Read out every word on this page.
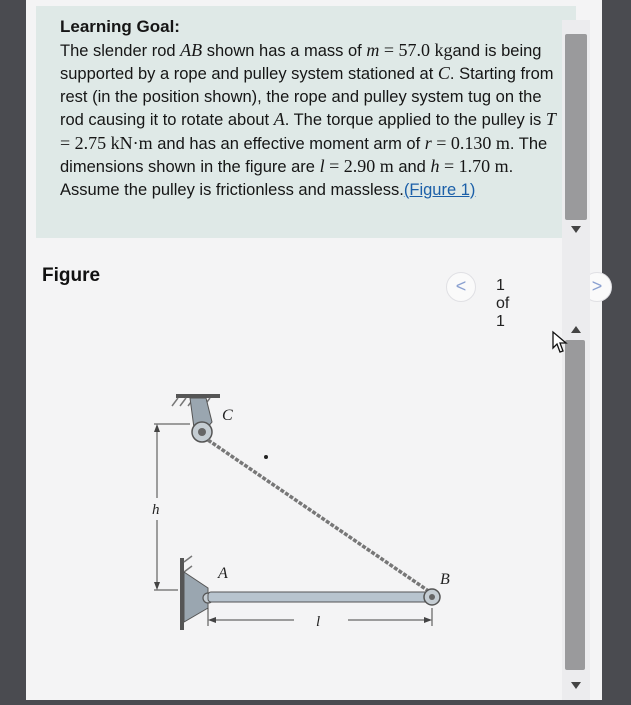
Learning Goal:
The slender rod AB shown has a mass of m = 57.0 kgand is being supported by a rope and pulley system stationed at C. Starting from rest (in the position shown), the rope and pulley system tug on the rod causing it to rotate about A. The torque applied to the pulley is T = 2.75 kN·m and has an effective moment arm of r = 0.130 m. The dimensions shown in the figure are l = 2.90 m and h = 1.70 m. Assume the pulley is frictionless and massless.(Figure 1)
Figure	<	1 of 1
>
C
A	B
h
l
